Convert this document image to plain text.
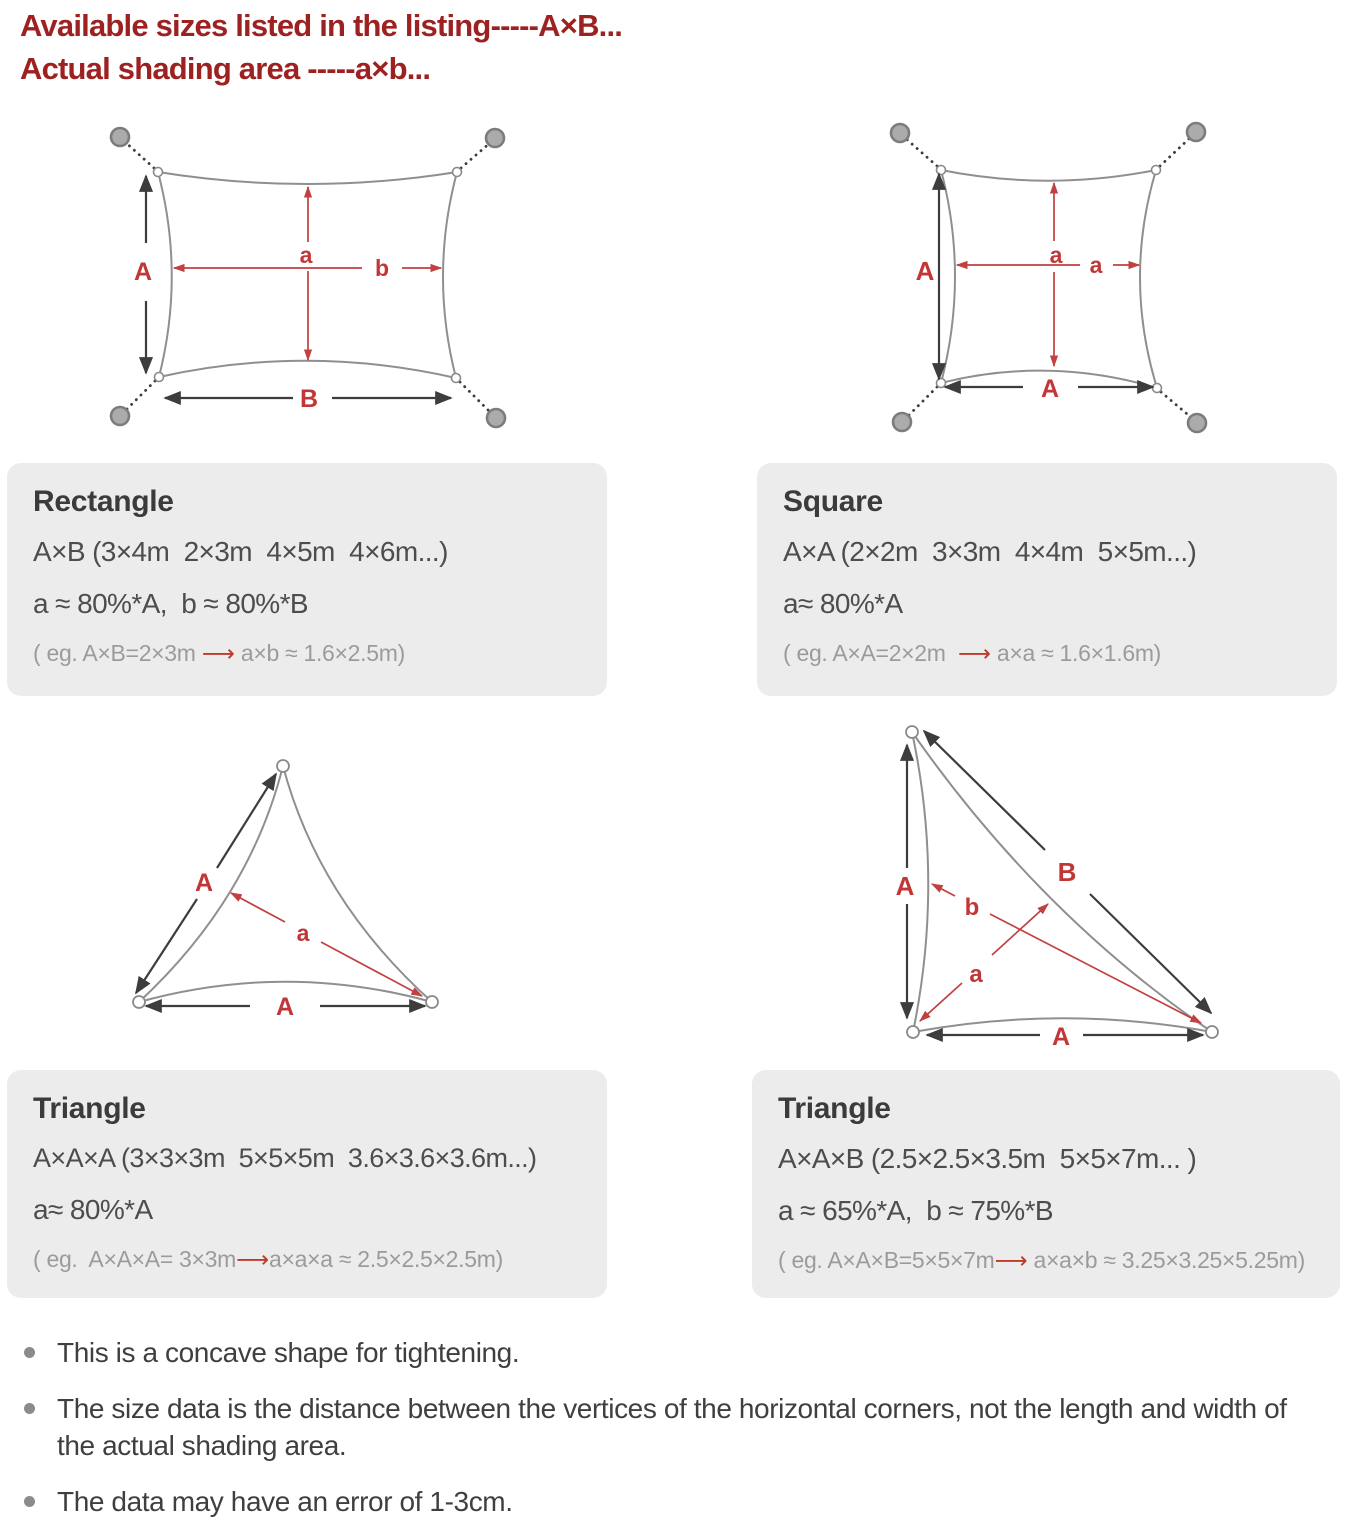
Available sizes listed in the listing-----A×B...
Actual shading area -----a×b...
A
a	b
B
A
a a
A
A
a
A
A	B
b
a
A
Rectangle
A×B (3×4m  2×3m  4×5m  4×6m...)
a ≈ 80%*A,  b ≈ 80%*B
( eg. A×B=2×3m ⟶ a×b ≈ 1.6×2.5m)
Square
A×A (2×2m  3×3m  4×4m  5×5m...)
a≈ 80%*A
( eg. A×A=2×2m  ⟶ a×a ≈ 1.6×1.6m)
Triangle
A×A×A (3×3×3m  5×5×5m  3.6×3.6×3.6m...)
a≈ 80%*A
( eg.  A×A×A= 3×3m⟶a×a×a ≈ 2.5×2.5×2.5m)
Triangle
A×A×B (2.5×2.5×3.5m  5×5×7m... )
a ≈ 65%*A,  b ≈ 75%*B
( eg. A×A×B=5×5×7m⟶ a×a×b ≈ 3.25×3.25×5.25m)
This is a concave shape for tightening.
The size data is the distance between the vertices of the horizontal corners, not the length and width of the actual shading area.
The data may have an error of 1-3cm.
